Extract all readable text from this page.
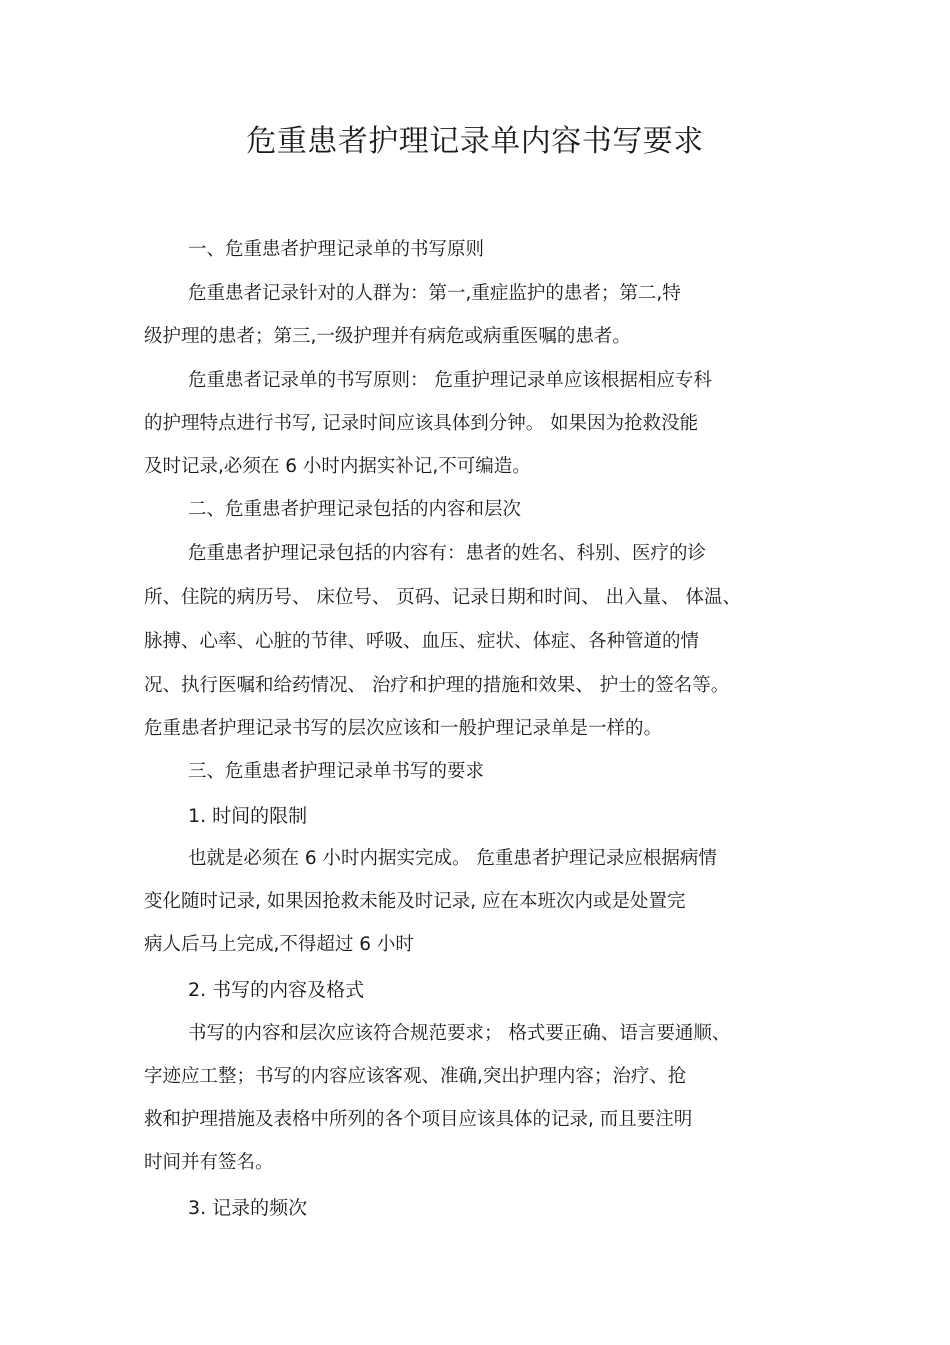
危重患者护理记录单内容书写要求

一、危重患者护理记录单的书写原则

危重患者记录针对的人群为：第一,重症监护的患者；第二,特

级护理的患者；第三,一级护理并有病危或病重医嘱的患者。

危重患者记录单的书写原则： 危重护理记录单应该根据相应专科

的护理特点进行书写, 记录时间应该具体到分钟。 如果因为抢救没能

及时记录,必须在 6 小时内据实补记,不可编造。

二、危重患者护理记录包括的内容和层次

危重患者护理记录包括的内容有：患者的姓名、科别、医疗的诊

所、住院的病历号、 床位号、 页码、记录日期和时间、 出入量、 体温、

脉搏、心率、心脏的节律、呼吸、血压、症状、体症、各种管道的情

况、执行医嘱和给药情况、 治疗和护理的措施和效果、 护士的签名等。

危重患者护理记录书写的层次应该和一般护理记录单是一样的。

三、危重患者护理记录单书写的要求

1. 时间的限制

也就是必须在 6 小时内据实完成。 危重患者护理记录应根据病情

变化随时记录, 如果因抢救未能及时记录, 应在本班次内或是处置完

病人后马上完成,不得超过 6 小时

2. 书写的内容及格式

书写的内容和层次应该符合规范要求； 格式要正确、语言要通顺、

字迹应工整；书写的内容应该客观、准确,突出护理内容；治疗、抢

救和护理措施及表格中所列的各个项目应该具体的记录, 而且要注明

时间并有签名。

3. 记录的频次
